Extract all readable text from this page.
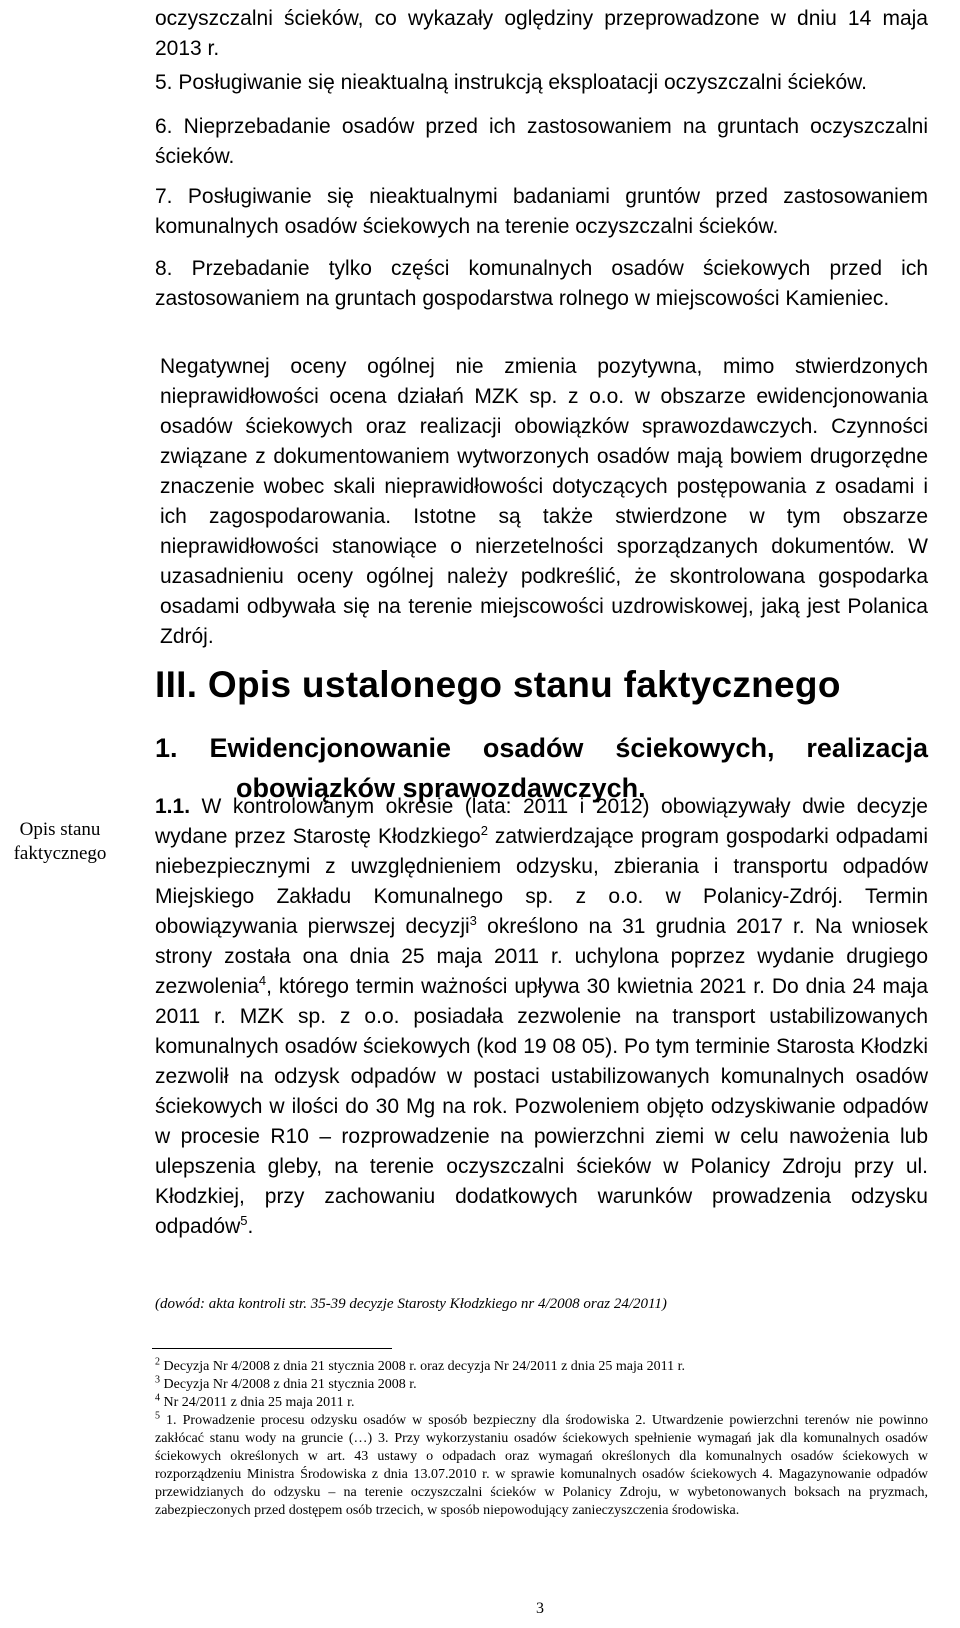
oczyszczalni ścieków, co wykazały oględziny przeprowadzone w dniu 14 maja 2013 r.
5. Posługiwanie się nieaktualną instrukcją eksploatacji oczyszczalni ścieków.
6. Nieprzebadanie osadów przed ich zastosowaniem na gruntach oczyszczalni ścieków.
7. Posługiwanie się nieaktualnymi badaniami gruntów przed zastosowaniem komunalnych osadów ściekowych na terenie oczyszczalni ścieków.
8. Przebadanie tylko części komunalnych osadów ściekowych przed ich zastosowaniem na gruntach gospodarstwa rolnego w miejscowości Kamieniec.
Negatywnej oceny ogólnej nie zmienia pozytywna, mimo stwierdzonych nieprawidłowości ocena działań MZK sp. z o.o. w obszarze ewidencjonowania osadów ściekowych oraz realizacji obowiązków sprawozdawczych. Czynności związane z dokumentowaniem wytworzonych osadów mają bowiem drugorzędne znaczenie wobec skali nieprawidłowości dotyczących postępowania z osadami i ich zagospodarowania. Istotne są także stwierdzone w tym obszarze nieprawidłowości stanowiące o nierzetelności sporządzanych dokumentów. W uzasadnieniu oceny ogólnej należy podkreślić, że skontrolowana gospodarka osadami odbywała się na terenie miejscowości uzdrowiskowej, jaką jest Polanica Zdrój.
Opis stanu faktycznego
III. Opis ustalonego stanu faktycznego
1. Ewidencjonowanie osadów ściekowych, realizacja
obowiązków sprawozdawczych.
1.1. W kontrolowanym okresie (lata: 2011 i 2012) obowiązywały dwie decyzje wydane przez Starostę Kłodzkiego$^2$ zatwierdzające program gospodarki odpadami niebezpiecznymi z uwzględnieniem odzysku, zbierania i transportu odpadów Miejskiego Zakładu Komunalnego sp. z o.o. w Polanicy-Zdrój. Termin obowiązywania pierwszej decyzji$^3$ określono na 31 grudnia 2017 r. Na wniosek strony została ona dnia 25 maja 2011 r. uchylona poprzez wydanie drugiego zezwolenia$^4$, którego termin ważności upływa 30 kwietnia 2021 r. Do dnia 24 maja 2011 r. MZK sp. z o.o. posiadała zezwolenie na transport ustabilizowanych komunalnych osadów ściekowych (kod 19 08 05). Po tym terminie Starosta Kłodzki zezwolił na odzysk odpadów w postaci ustabilizowanych komunalnych osadów ściekowych w ilości do 30 Mg na rok. Pozwoleniem objęto odzyskiwanie odpadów w procesie R10 – rozprowadzenie na powierzchni ziemi w celu nawożenia lub ulepszenia gleby, na terenie oczyszczalni ścieków w Polanicy Zdroju przy ul. Kłodzkiej, przy zachowaniu dodatkowych warunków prowadzenia odzysku odpadów$^5$.
(dowód: akta kontroli str. 35-39 decyzje Starosty Kłodzkiego nr 4/2008 oraz 24/2011)
$^2$ Decyzja Nr 4/2008 z dnia 21 stycznia 2008 r. oraz decyzja Nr 24/2011 z dnia 25 maja 2011 r.
$^3$ Decyzja Nr 4/2008 z dnia 21 stycznia 2008 r.
$^4$ Nr 24/2011 z dnia 25 maja 2011 r.
$^5$ 1. Prowadzenie procesu odzysku osadów w sposób bezpieczny dla środowiska 2. Utwardzenie powierzchni terenów nie powinno zakłócać stanu wody na gruncie (…) 3. Przy wykorzystaniu osadów ściekowych spełnienie wymagań jak dla komunalnych osadów ściekowych określonych w art. 43 ustawy o odpadach oraz wymagań określonych dla komunalnych osadów ściekowych w rozporządzeniu Ministra Środowiska z dnia 13.07.2010 r. w sprawie komunalnych osadów ściekowych 4. Magazynowanie odpadów przewidzianych do odzysku – na terenie oczyszczalni ścieków w Polanicy Zdroju, w wybetonowanych boksach na pryzmach, zabezpieczonych przed dostępem osób trzecich, w sposób niepowodujący zanieczyszczenia środowiska.
3
